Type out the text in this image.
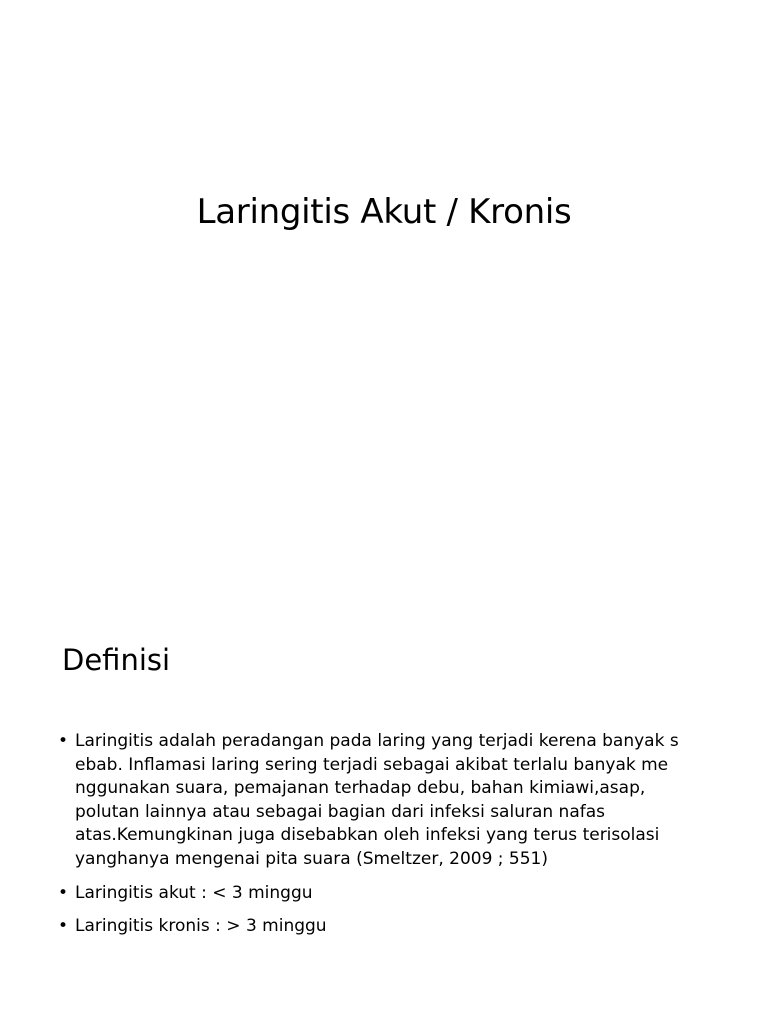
Laringitis Akut / Kronis
Definisi
• Laringitis adalah peradangan pada laring yang terjadi kerena banyak s
ebab. Inflamasi laring sering terjadi sebagai akibat terlalu banyak me
nggunakan suara, pemajanan terhadap debu, bahan kimiawi,asap,
polutan lainnya atau sebagai bagian dari infeksi saluran nafas
atas.Kemungkinan juga disebabkan oleh infeksi yang terus terisolasi
yanghanya mengenai pita suara (Smeltzer, 2009 ; 551)
• Laringitis akut : < 3 minggu
• Laringitis kronis : > 3 minggu
